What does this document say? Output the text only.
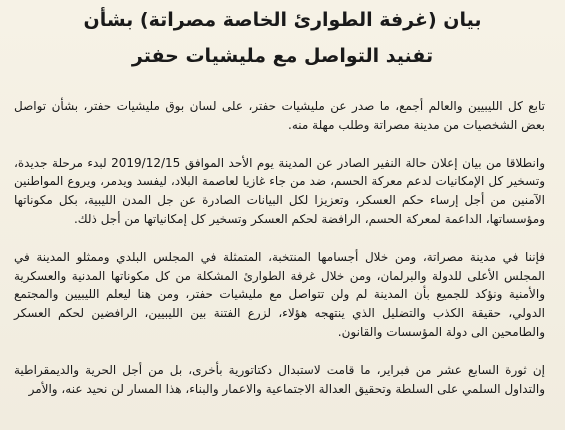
بيان (غرفة الطوارئ الخاصة مصراتة) بشأن
تفنيد التواصل مع مليشيات حفتر

تابع كل الليبيين والعالم أجمع، ما صدر عن مليشيات حفتر، على لسان بوق مليشيات حفتر، بشأن تواصل بعض الشخصيات من مدينة مصراتة وطلب مهلة منه.

وانطلاقا من بيان إعلان حالة النفير الصادر عن المدينة يوم الأحد الموافق 2019/12/15 لبدء مرحلة جديدة، وتسخير كل الإمكانيات لدعم معركة الحسم، ضد من جاء غازيا لعاصمة البلاد، ليفسد ويدمر، ويروع المواطنين الآمنين من أجل إرساء حكم العسكر، وتعزيزا لكل البيانات الصادرة عن جل المدن الليبية، بكل مكوناتها ومؤسساتها، الداعمة لمعركة الحسم، الرافضة لحكم العسكر وتسخير كل إمكانياتها من أجل ذلك.

فإننا في مدينة مصراتة، ومن خلال أجسامها المنتخبة، المتمثلة في المجلس البلدي وممثلو المدينة في المجلس الأعلى للدولة والبرلمان، ومن خلال غرفة الطوارئ المشكلة من كل مكوناتها المدنية والعسكرية والأمنية ونؤكد للجميع بأن المدينة لم ولن تتواصل مع مليشيات حفتر، ومن هنا ليعلم الليبيين والمجتمع الدولي، حقيقة الكذب والتضليل الذي ينتهجه هؤلاء، لزرع الفتنة بين الليبيين، الرافضين لحكم العسكر والطامحين الى دولة المؤسسات والقانون.

إن ثورة السابع عشر من فبراير، ما قامت لاستبدال دكتاتورية بأخرى، بل من أجل الحرية والديمقراطية والتداول السلمي على السلطة وتحقيق العدالة الاجتماعية والاعمار والبناء، هذا المسار لن نحيد عنه، والأمر
